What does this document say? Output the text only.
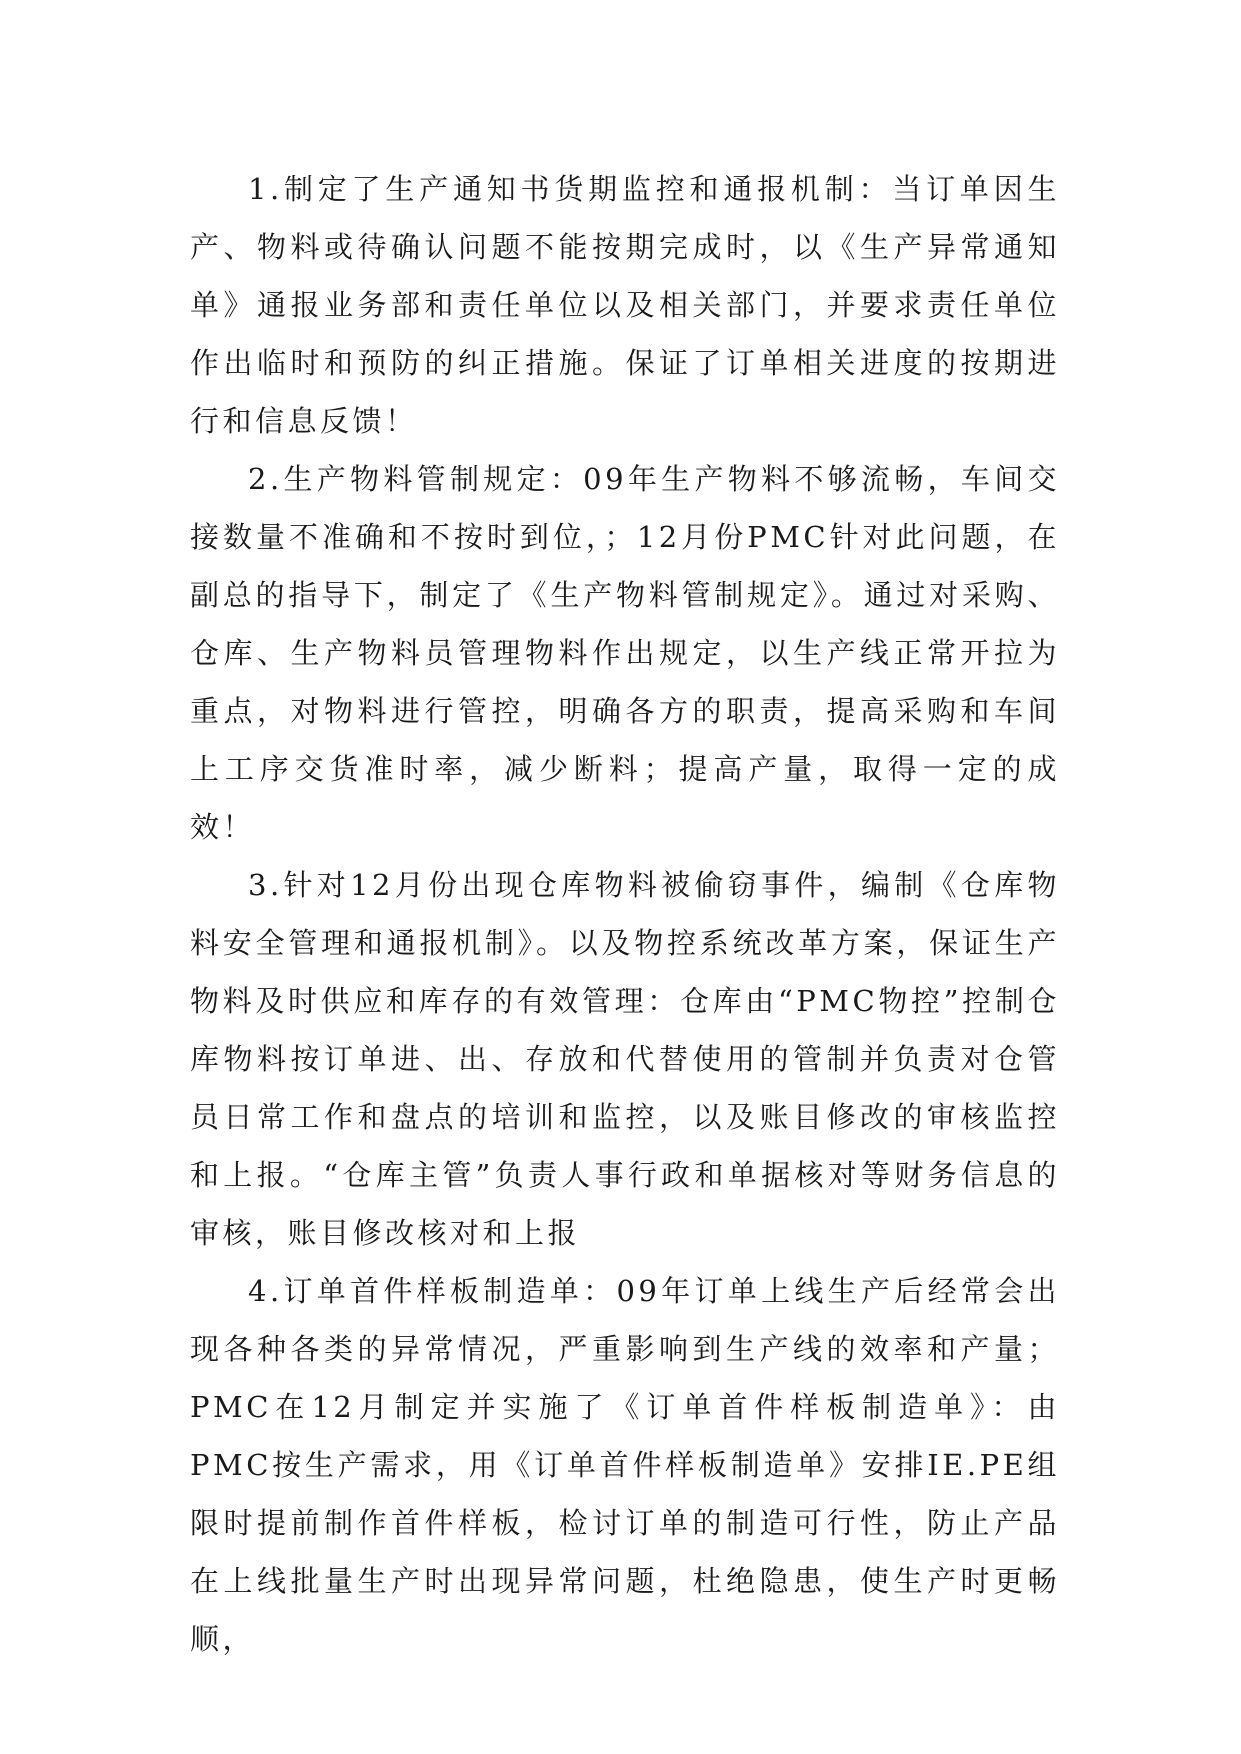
1.制定了生产通知书货期监控和通报机制：当订单因生产、物料或待确认问题不能按期完成时，以《生产异常通知单》通报业务部和责任单位以及相关部门，并要求责任单位作出临时和预防的纠正措施。保证了订单相关进度的按期进行和信息反馈！

2.生产物料管制规定：09年生产物料不够流畅，车间交接数量不准确和不按时到位，；12月份PMC针对此问题，在副总的指导下，制定了《生产物料管制规定》。通过对采购、仓库、生产物料员管理物料作出规定，以生产线正常开拉为重点，对物料进行管控，明确各方的职责，提高采购和车间上工序交货准时率，减少断料；提高产量，取得一定的成效！

3.针对12月份出现仓库物料被偷窃事件，编制《仓库物料安全管理和通报机制》。以及物控系统改革方案，保证生产物料及时供应和库存的有效管理：仓库由“PMC物控”控制仓库物料按订单进、出、存放和代替使用的管制并负责对仓管员日常工作和盘点的培训和监控，以及账目修改的审核监控和上报。“仓库主管”负责人事行政和单据核对等财务信息的审核，账目修改核对和上报

4.订单首件样板制造单：09年订单上线生产后经常会出现各种各类的异常情况，严重影响到生产线的效率和产量；PMC在12月制定并实施了《订单首件样板制造单》：由PMC按生产需求，用《订单首件样板制造单》安排IE.PE组限时提前制作首件样板，检讨订单的制造可行性，防止产品在上线批量生产时出现异常问题，杜绝隐患，使生产时更畅顺，
